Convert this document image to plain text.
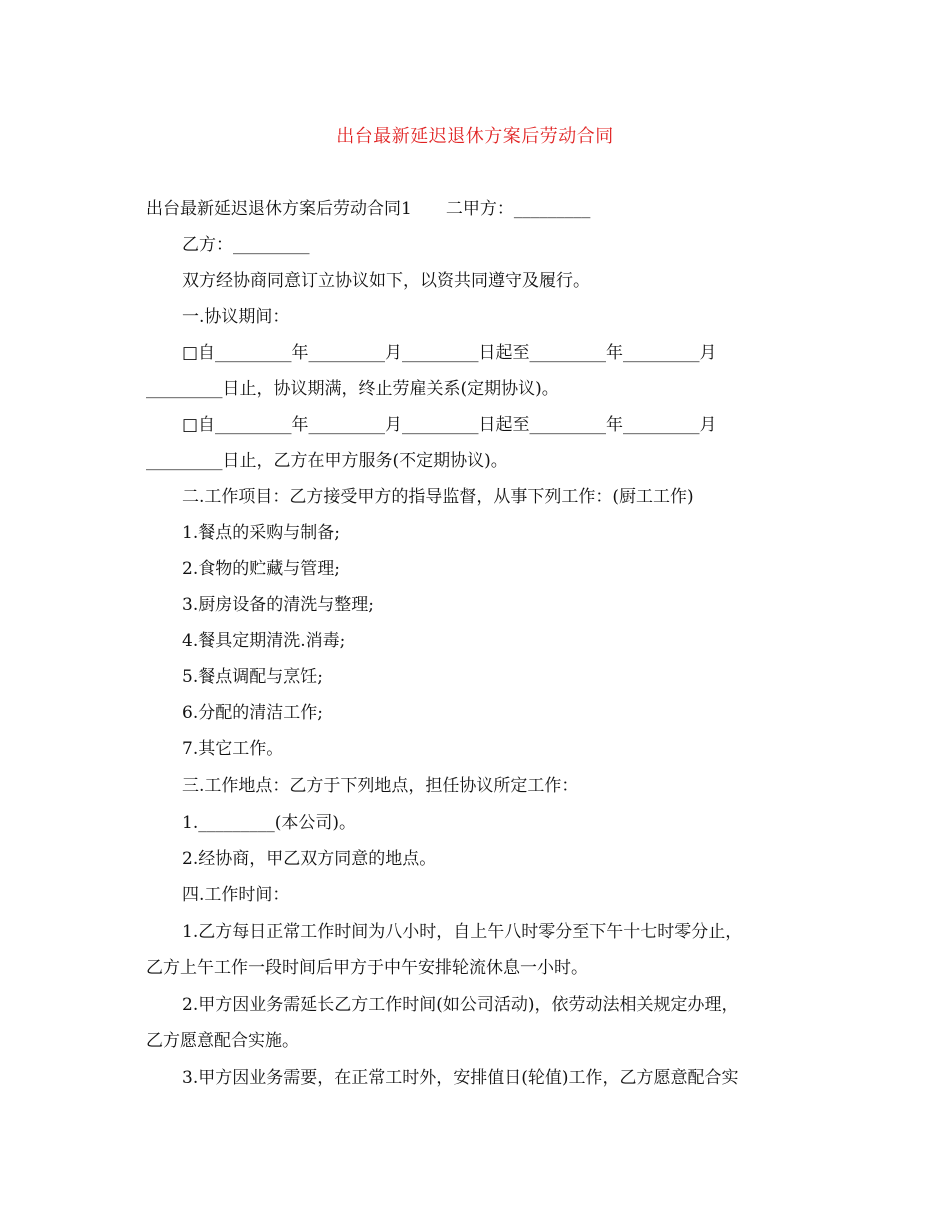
出台最新延迟退休方案后劳动合同
出台最新延迟退休方案后劳动合同1　　二甲方：_________
乙方：_________
双方经协商同意订立协议如下，以资共同遵守及履行。
一.协议期间：
□自_________年_________月_________日起至_________年_________月
_________日止，协议期满，终止劳雇关系(定期协议)。
□自_________年_________月_________日起至_________年_________月
_________日止，乙方在甲方服务(不定期协议)。
二.工作项目：乙方接受甲方的指导监督，从事下列工作：(厨工工作)
1.餐点的采购与制备;
2.食物的贮藏与管理;
3.厨房设备的清洗与整理;
4.餐具定期清洗.消毒;
5.餐点调配与烹饪;
6.分配的清洁工作;
7.其它工作。
三.工作地点：乙方于下列地点，担任协议所定工作：
1._________(本公司)。
2.经协商，甲乙双方同意的地点。
四.工作时间：
1.乙方每日正常工作时间为八小时，自上午八时零分至下午十七时零分止，
乙方上午工作一段时间后甲方于中午安排轮流休息一小时。
2.甲方因业务需延长乙方工作时间(如公司活动)，依劳动法相关规定办理，
乙方愿意配合实施。
3.甲方因业务需要，在正常工时外，安排值日(轮值)工作，乙方愿意配合实
